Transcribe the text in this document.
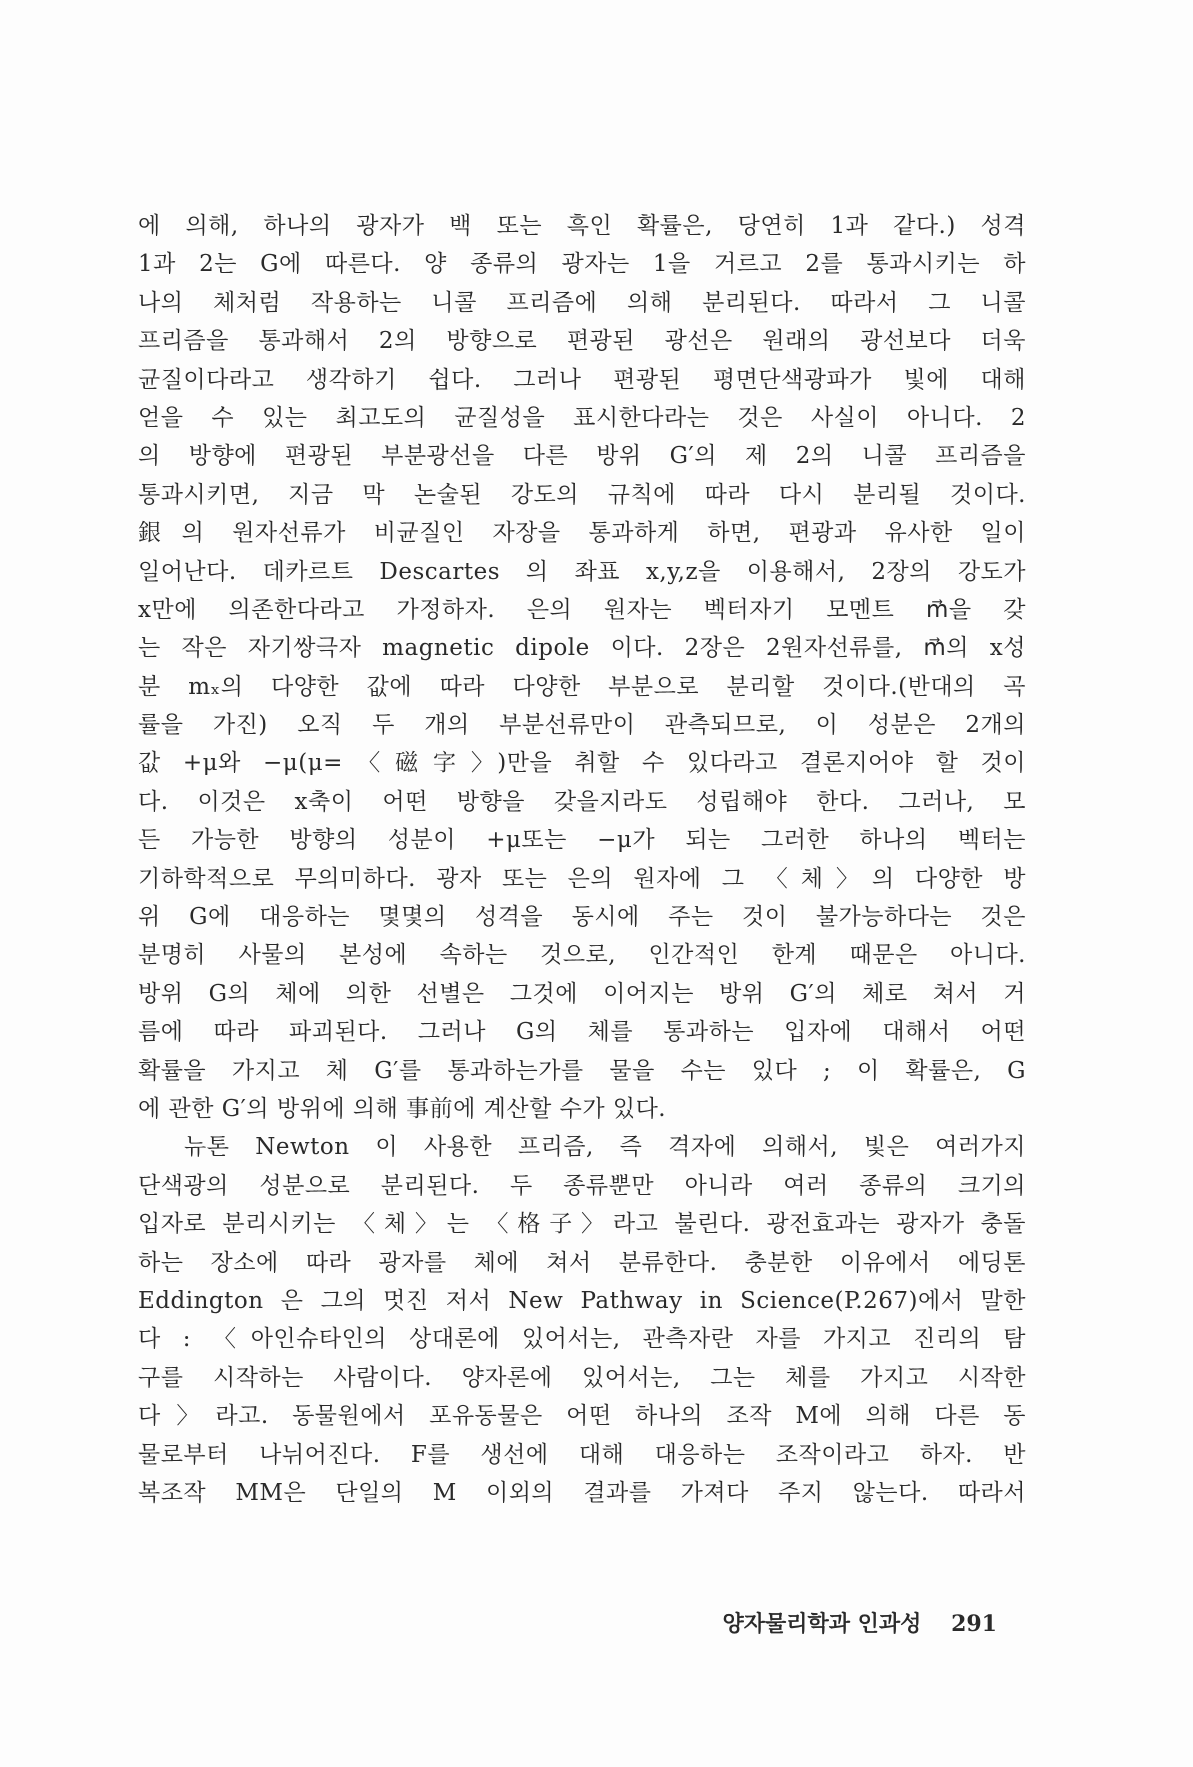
에 의해, 하나의 광자가 백 또는 흑인 확률은, 당연히 1과 같다.) 성격
1과 2는 G에 따른다. 양 종류의 광자는 1을 거르고 2를 통과시키는 하
나의 체처럼 작용하는 니콜 프리즘에 의해 분리된다. 따라서 그 니콜
프리즘을 통과해서 2의 방향으로 편광된 광선은 원래의 광선보다 더욱
균질이다라고 생각하기 쉽다. 그러나 편광된 평면단색광파가 빛에 대해
얻을 수 있는 최고도의 균질성을 표시한다라는 것은 사실이 아니다. 2
의 방향에 편광된 부분광선을 다른 방위 G′의 제 2의 니콜 프리즘을
통과시키면, 지금 막 논술된 강도의 규칙에 따라 다시 분리될 것이다.
銀의 원자선류가 비균질인 자장을 통과하게 하면, 편광과 유사한 일이
일어난다. 데카르트 Descartes 의 좌표 x,y,z을 이용해서, 2장의 강도가
x만에 의존한다라고 가정하자. 은의 원자는 벡터자기 모멘트 m⃗을 갖
는 작은 자기쌍극자 magnetic dipole 이다. 2장은 2원자선류를, m⃗의 x성
분 mₓ의 다양한 값에 따라 다양한 부분으로 분리할 것이다.(반대의 곡
률을 가진) 오직 두 개의 부분선류만이 관측되므로, 이 성분은 2개의
값 +μ와 −μ(μ=〈磁字〉)만을 취할 수 있다라고 결론지어야 할 것이
다. 이것은 x축이 어떤 방향을 갖을지라도 성립해야 한다. 그러나, 모
든 가능한 방향의 성분이 +μ또는 −μ가 되는 그러한 하나의 벡터는
기하학적으로 무의미하다. 광자 또는 은의 원자에 그 〈체〉의 다양한 방
위 G에 대응하는 몇몇의 성격을 동시에 주는 것이 불가능하다는 것은
분명히 사물의 본성에 속하는 것으로, 인간적인 한계 때문은 아니다.
방위 G의 체에 의한 선별은 그것에 이어지는 방위 G′의 체로 쳐서 거
름에 따라 파괴된다. 그러나 G의 체를 통과하는 입자에 대해서 어떤
확률을 가지고 체 G′를 통과하는가를 물을 수는 있다 ; 이 확률은, G
에 관한 G′의 방위에 의해 事前에 계산할 수가 있다.
뉴톤 Newton 이 사용한 프리즘, 즉 격자에 의해서, 빛은 여러가지
단색광의 성분으로 분리된다. 두 종류뿐만 아니라 여러 종류의 크기의
입자로 분리시키는 〈체〉는 〈格子〉라고 불린다. 광전효과는 광자가 충돌
하는 장소에 따라 광자를 체에 쳐서 분류한다. 충분한 이유에서 에딩톤
Eddington 은 그의 멋진 저서 New Pathway in Science(P.267)에서 말한
다 : 〈아인슈타인의 상대론에 있어서는, 관측자란 자를 가지고 진리의 탐
구를 시작하는 사람이다. 양자론에 있어서는, 그는 체를 가지고 시작한
다〉라고. 동물원에서 포유동물은 어떤 하나의 조작 M에 의해 다른 동
물로부터 나뉘어진다. F를 생선에 대해 대응하는 조작이라고 하자. 반
복조작 MM은 단일의 M 이외의 결과를 가져다 주지 않는다. 따라서
양자물리학과 인과성 291
